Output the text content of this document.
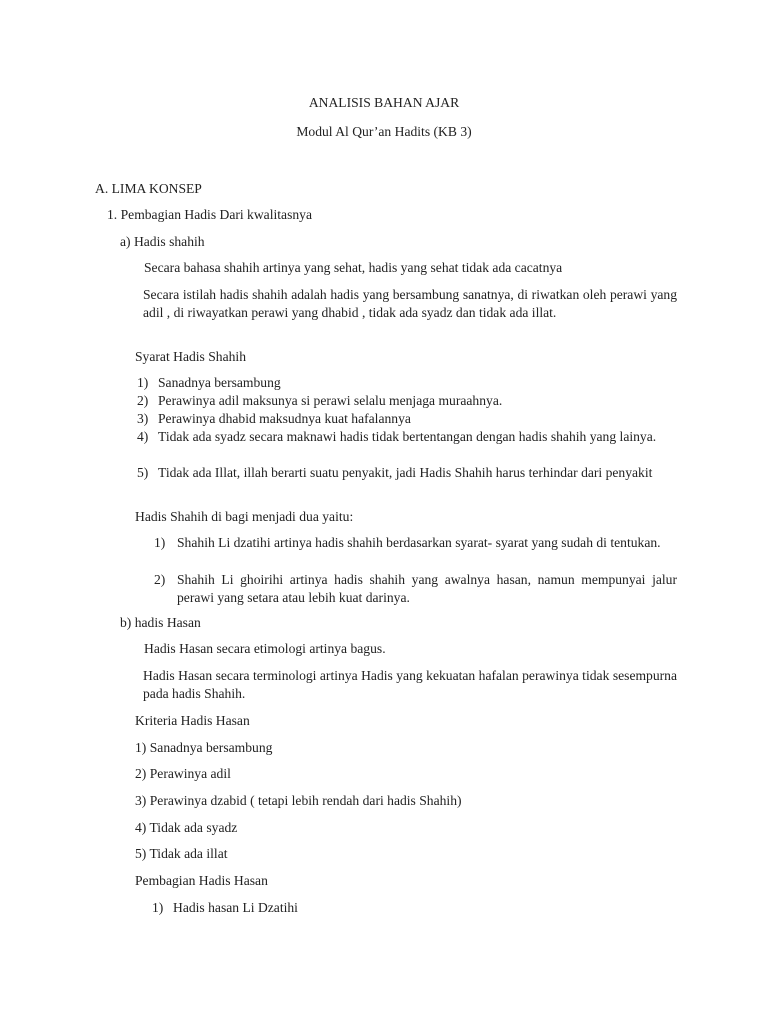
ANALISIS BAHAN AJAR
Modul Al Qur’an Hadits (KB 3)
A. LIMA KONSEP
1. Pembagian Hadis Dari kwalitasnya
a) Hadis shahih
Secara bahasa shahih artinya yang sehat, hadis yang sehat tidak ada cacatnya
Secara istilah hadis shahih adalah hadis yang bersambung sanatnya, di riwatkan oleh perawi yang adil , di riwayatkan perawi yang dhabid , tidak ada syadz dan tidak ada illat.
Syarat Hadis Shahih
1) Sanadnya bersambung
2) Perawinya adil maksunya si perawi selalu menjaga muraahnya.
3) Perawinya dhabid maksudnya kuat hafalannya
4) Tidak ada syadz secara maknawi hadis tidak bertentangan dengan hadis shahih yang lainya.
5) Tidak ada Illat, illah berarti suatu penyakit, jadi Hadis Shahih harus terhindar dari penyakit
Hadis Shahih di bagi menjadi dua yaitu:
1) Shahih Li dzatihi artinya hadis shahih berdasarkan syarat- syarat yang sudah di tentukan.
2) Shahih Li ghoirihi artinya hadis shahih yang awalnya hasan, namun mempunyai jalur perawi yang setara atau lebih kuat darinya.
b) hadis Hasan
Hadis Hasan secara etimologi artinya bagus.
Hadis Hasan secara terminologi artinya Hadis yang kekuatan hafalan perawinya tidak sesempurna pada hadis Shahih.
Kriteria Hadis Hasan
1) Sanadnya bersambung
2) Perawinya adil
3) Perawinya dzabid ( tetapi lebih rendah dari hadis Shahih)
4) Tidak ada syadz
5) Tidak ada illat
Pembagian Hadis Hasan
1) Hadis hasan Li Dzatihi
